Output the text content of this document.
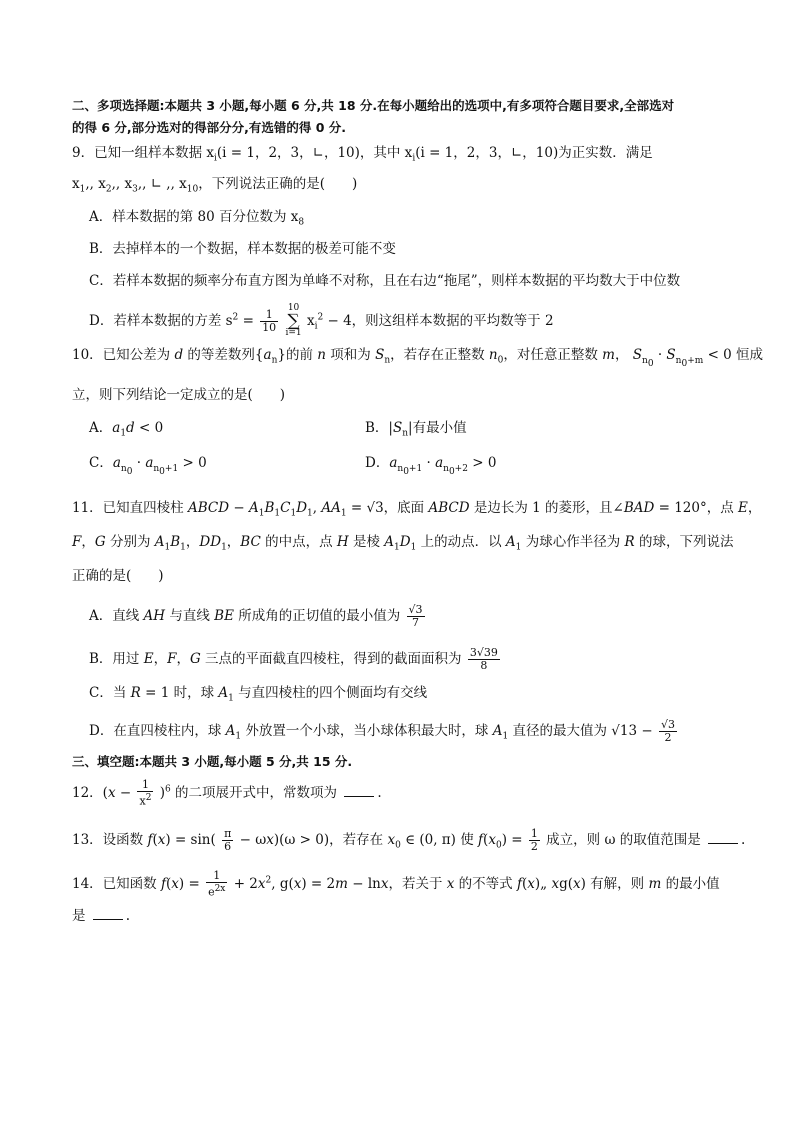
二、多项选择题:本题共 3 小题,每小题 6 分,共 18 分.在每小题给出的选项中,有多项符合题目要求,全部选对
的得 6 分,部分选对的得部分分,有选错的得 0 分.
9．已知一组样本数据 $x_i(i = 1$，2，3，∟，10)，其中 $x_i(i = 1$，2，3，∟，10)为正实数．满足
$x_1$,, $x_2$,, $x_3$,, ∟ ,, $x_{10}$，下列说法正确的是(　　)
A．样本数据的第 80 百分位数为 $x_8$
B．去掉样本的一个数据，样本数据的极差可能不变
C．若样本数据的频率分布直方图为单峰不对称，且在右边“拖尾”，则样本数据的平均数大于中位数
D．若样本数据的方差 $s^2 = \frac{1}{10}$
10
∑
i=1 $x_i^2 - 4$，则这组样本数据的平均数等于 2
10．已知公差为 d 的等差数列$\{a_n\}$的前 n 项和为 $S_n$，若存在正整数 $n_0$，对任意正整数 m， $S_{n_0} \cdot S_{n_0+m} < 0$ 恒成
立，则下列结论一定成立的是(　　)
A．$a_1d < 0$	B．$|S_n|$有最小值
C．$a_{n_0} \cdot a_{n_0+1} > 0$	D．$a_{n_0+1} \cdot a_{n_0+2} > 0$
11．已知直四棱柱 ABCD − $A_1B_1C_1D_1$, $AA_1 = √3$，底面 ABCD 是边长为 1 的菱形，且∠BAD = 120°，点 E，
F，G 分别为 $A_1B_1$，$DD_1$，BC 的中点，点 H 是棱 $A_1D_1$ 上的动点．以 $A_1$ 为球心作半径为 R 的球，下列说法
正确的是(　　)
A．直线 AH 与直线 BE 所成角的正切值的最小值为 $\frac{√3}{7}$
B．用过 E，F，G 三点的平面截直四棱柱，得到的截面面积为 $\frac{3√39}{8}$
C．当 R = 1 时，球 $A_1$ 与直四棱柱的四个侧面均有交线
D．在直四棱柱内，球 $A_1$ 外放置一个小球，当小球体积最大时，球 $A_1$ 直径的最大值为 $√13 - \frac{√3}{2}$
三、填空题:本题共 3 小题,每小题 5 分,共 15 分.
12．$(x - \frac{1}{x^2} )^6$ 的二项展开式中，常数项为	.
13．设函数 $f(x) = \sin( \frac{\pi}{6} - \omega x)(\omega > 0)$，若存在 $x_0$ ∈ (0, π) 使 $f(x_0) = \frac{1}{2}$ 成立，则 ω 的取值范围是	.
14．已知函数 $f(x) = \frac{1}{e^{2x}} + 2x^2$, g(x) = 2m − lnx，若关于 x 的不等式 f(x)„ xg(x) 有解，则 m 的最小值
是	.
